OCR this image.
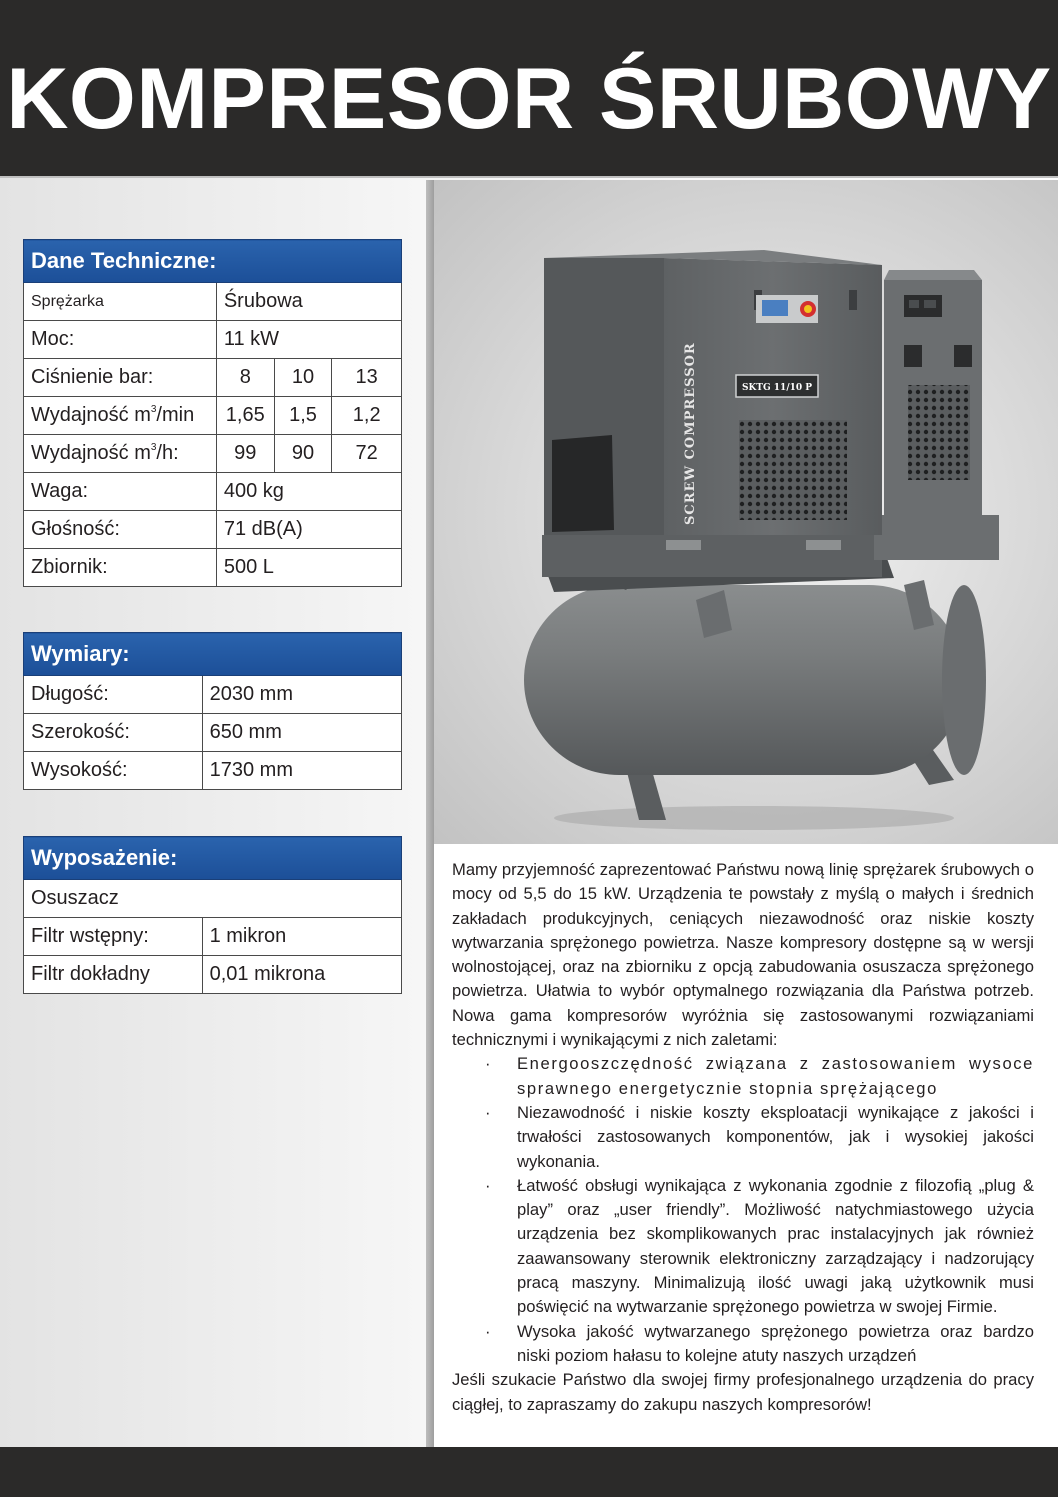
KOMPRESOR ŚRUBOWY
Dane Techniczne:			
Sprężarka	Śrubowa		
Moc:	11 kW		
Ciśnienie bar:	8	10	13
Wydajność $m^3/\min$	1,65	1,5	1,2
Wydajność $m^3/h$:	99	90	72
Waga:	400 kg		
Głośność:	71 dB(A)		
Zbiornik:	500 L		
Wymiary:	
Długość:	2030 mm
Szerokość:	650 mm
Wysokość:	1730 mm
Wyposażenie:	
Osuszacz	
Filtr wstępny:	1 mikron
Filtr dokładny	0,01 mikrona
SKTG 11/10 P
SCREW COMPRESSOR

Mamy przyjemność zaprezentować Państwu nową linię sprężarek śrubowych o mocy od 5,5 do 15 kW. Urządzenia te powstały z myślą o małych i średnich zakładach produkcyjnych, ceniących niezawodność oraz niskie koszty wytwarzania sprężonego powietrza. Nasze kompresory dostępne są w wersji wolnostojącej, oraz na zbiorniku z opcją zabudowania osuszacza sprężonego powietrza. Ułatwia to wybór optymalnego rozwiązania dla Państwa potrzeb. Nowa gama kompresorów wyróżnia się zastosowanymi rozwiązaniami technicznymi i wynikającymi z nich zaletami:

· Energooszczędność związana z zastosowaniem wysoce sprawnego energetycznie stopnia sprężającego
· Niezawodność i niskie koszty eksploatacji wynikające z jakości i trwałości zastosowanych komponentów, jak i wysokiej jakości wykonania.
· Łatwość obsługi wynikająca z wykonania zgodnie z filozofią „plug & play” oraz „user friendly”. Możliwość natychmiastowego użycia urządzenia bez skomplikowanych prac instalacyjnych jak również zaawansowany sterownik elektroniczny zarządzający i nadzorujący pracą maszyny. Minimalizują ilość uwagi jaką użytkownik musi poświęcić na wytwarzanie sprężonego powietrza w swojej Firmie.
· Wysoka jakość wytwarzanego sprężonego powietrza oraz bardzo niski poziom hałasu to kolejne atuty naszych urządzeń

Jeśli szukacie Państwo dla swojej firmy profesjonalnego urządzenia do pracy ciągłej, to zapraszamy do zakupu naszych kompresorów!
